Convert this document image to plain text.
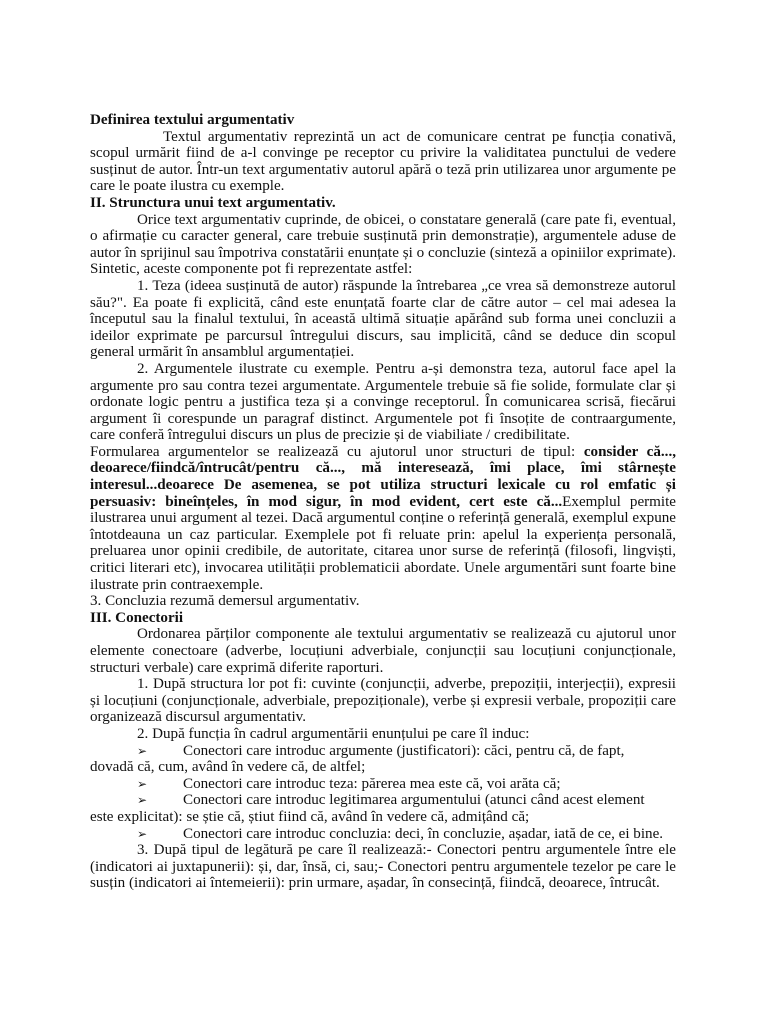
Definirea textului argumentativ

Textul argumentativ reprezintă un act de comunicare centrat pe funcția conativă, scopul urmărit fiind de a-l convinge pe receptor cu privire la validitatea punctului de vedere susținut de autor. Într-un text argumentativ autorul apără o teză prin utilizarea unor argumente pe care le poate ilustra cu exemple.

II. Strunctura unui text argumentativ.

Orice text argumentativ cuprinde, de obicei, o constatare generală (care pate fi, eventual, o afirmație cu caracter general, care trebuie susținută prin demonstrație), argumentele aduse de autor în sprijinul sau împotriva constatării enunțate și o concluzie (sinteză a opiniilor exprimate). Sintetic, aceste componente pot fi reprezentate astfel:

1. Teza (ideea susținută de autor) răspunde la întrebarea „ce vrea să demonstreze autorul său?". Ea poate fi explicită, când este enunțată foarte clar de către autor – cel mai adesea la începutul sau la finalul textului, în această ultimă situație apărând sub forma unei concluzii a ideilor exprimate pe parcursul întregului discurs, sau implicită, când se deduce din scopul general urmărit în ansamblul argumentației.

2. Argumentele ilustrate cu exemple. Pentru a-și demonstra teza, autorul face apel la argumente pro sau contra tezei argumentate. Argumentele trebuie să fie solide, formulate clar și ordonate logic pentru a justifica teza și a convinge receptorul. În comunicarea scrisă, fiecărui argument îi corespunde un paragraf distinct. Argumentele pot fi însoțite de contraargumente, care conferă întregului discurs un plus de precizie și de viabiliate / credibilitate.

Formularea argumentelor se realizează cu ajutorul unor structuri de tipul: consider că..., deoarece/fiindcă/întrucât/pentru că..., mă interesează, îmi place, îmi stârnește interesul...deoarece De asemenea, se pot utiliza structuri lexicale cu rol emfatic și persuasiv: bineînțeles, în mod sigur, în mod evident, cert este că...Exemplul permite ilustrarea unui argument al tezei. Dacă argumentul conține o referință generală, exemplul expune întotdeauna un caz particular. Exemplele pot fi reluate prin: apelul la experiența personală, preluarea unor opinii credibile, de autoritate, citarea unor surse de referință (filosofi, lingviști, critici literari etc), invocarea utilității problematicii abordate. Unele argumentări sunt foarte bine ilustrate prin contraexemple.

3. Concluzia rezumă demersul argumentativ.

III. Conectorii

Ordonarea părților componente ale textului argumentativ se realizează cu ajutorul unor elemente conectoare (adverbe, locuțiuni adverbiale, conjuncții sau locuțiuni conjuncționale, structuri verbale) care exprimă diferite raporturi.

1. După structura lor pot fi: cuvinte (conjuncții, adverbe, prepoziții, interjecții), expresii și locuțiuni (conjuncționale, adverbiale, prepoziționale), verbe și expresii verbale, propoziții care organizează discursul argumentativ.

2. După funcția în cadrul argumentării enunțului pe care îl induc:

➢	Conectori care introduc argumente (justificatori): căci, pentru că, de fapt,

dovadă că, cum, având în vedere că, de altfel;

➢	Conectori care introduc teza: părerea mea este că, voi arăta că;

➢	Conectori care introduc legitimarea argumentului (atunci când acest element

este explicitat): se știe că, știut fiind că, având în vedere că, admițând că;

➢	Conectori care introduc concluzia: deci, în concluzie, așadar, iată de ce, ei bine.

3. După tipul de legătură pe care îl realizează:- Conectori pentru argumentele între ele (indicatori ai juxtapunerii): și, dar, însă, ci, sau;- Conectori pentru argumentele tezelor pe care le susțin (indicatori ai întemeierii): prin urmare, așadar, în consecință, fiindcă, deoarece, întrucât.
